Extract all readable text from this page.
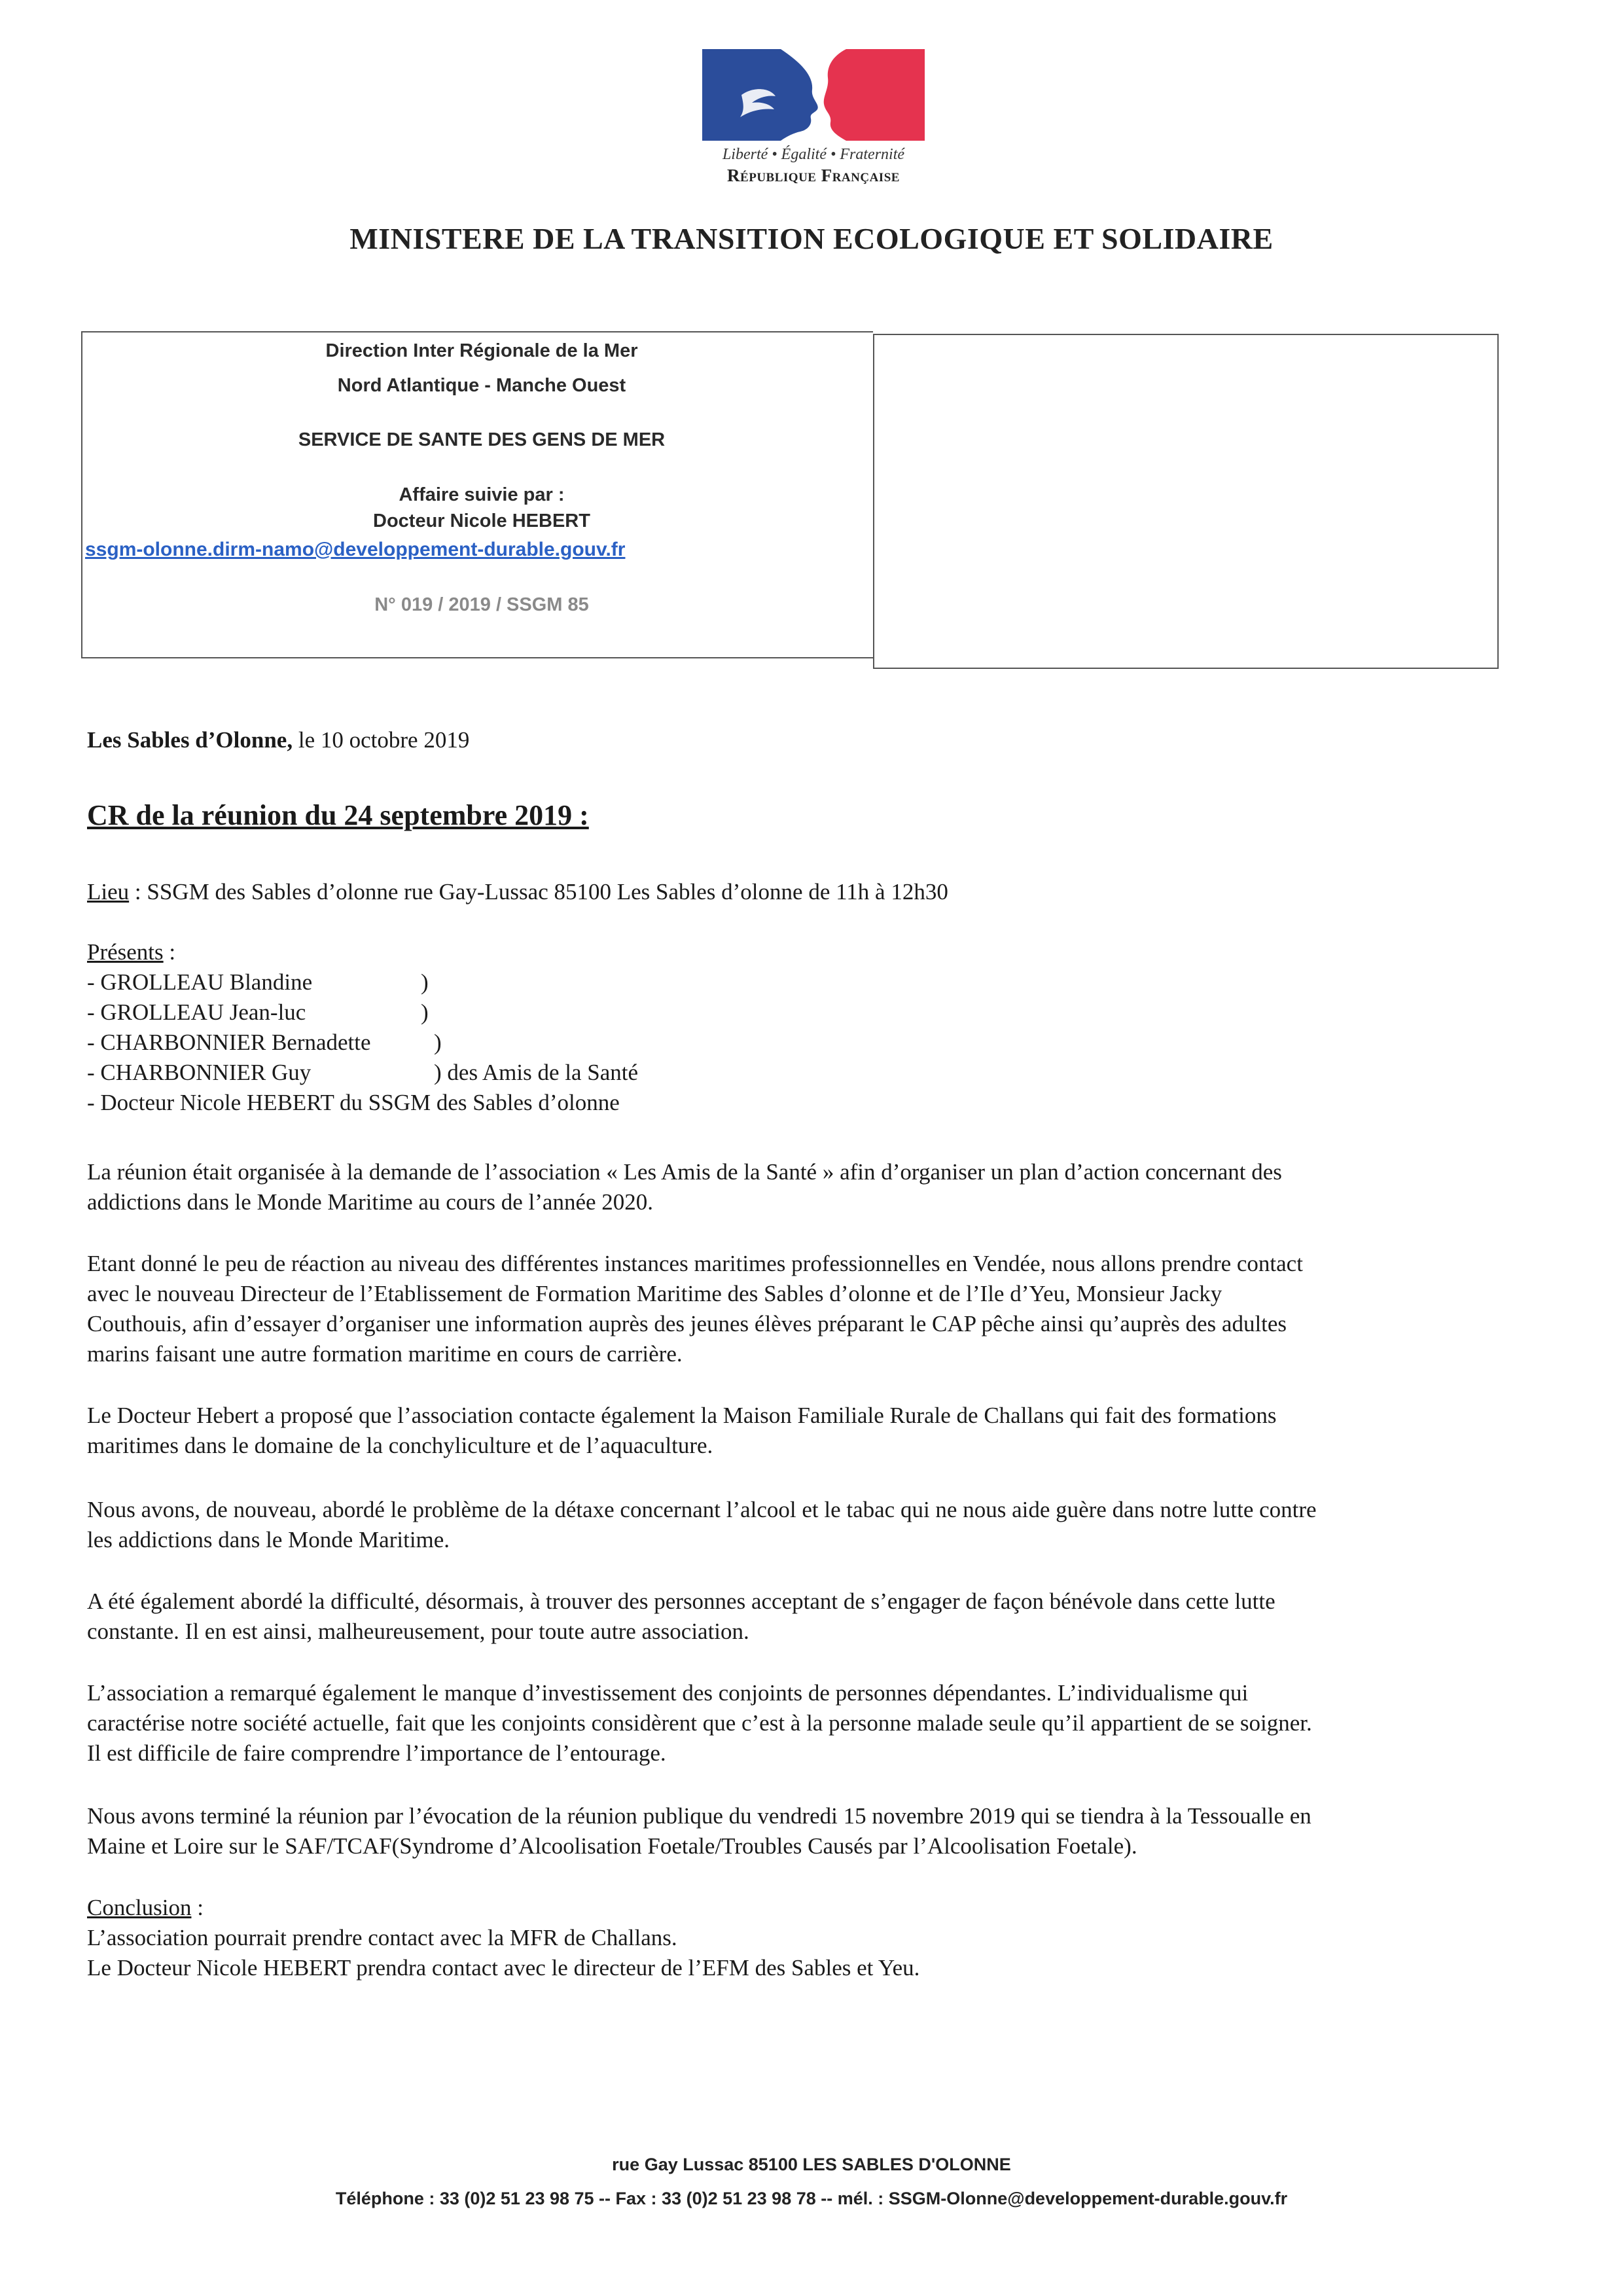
Liberté • Égalité • Fraternité
République Française
MINISTERE DE LA TRANSITION ECOLOGIQUE ET SOLIDAIRE
Direction Inter Régionale de la Mer
Nord Atlantique - Manche Ouest
SERVICE DE SANTE DES GENS DE MER
Affaire suivie par :
Docteur Nicole HEBERT
ssgm-olonne.dirm-namo@developpement-durable.gouv.fr
N° 019 / 2019 / SSGM 85
Les Sables d’Olonne, le 10 octobre 2019
CR de la réunion du 24 septembre 2019 :
Lieu : SSGM des Sables d’olonne rue Gay-Lussac 85100 Les Sables d’olonne de 11h à 12h30
Présents :
- GROLLEAU Blandine
- GROLLEAU Jean-luc
- CHARBONNIER Bernadette
- CHARBONNIER Guy
- Docteur Nicole HEBERT du SSGM des Sables d’olonne
)
)
)
) des Amis de la Santé
La réunion était organisée à la demande de l’association « Les Amis de la Santé » afin d’organiser un plan d’action concernant des
addictions dans le Monde Maritime au cours de l’année 2020.
Etant donné le peu de réaction au niveau des différentes instances maritimes professionnelles en Vendée, nous allons prendre contact
avec le nouveau Directeur de l’Etablissement de Formation Maritime des Sables d’olonne et de l’Ile d’Yeu, Monsieur Jacky
Couthouis, afin d’essayer d’organiser une information auprès des jeunes élèves préparant le CAP pêche ainsi qu’auprès des adultes
marins faisant une autre formation maritime en cours de carrière.
Le Docteur Hebert a proposé que l’association contacte également la Maison Familiale Rurale de Challans qui fait des formations
maritimes dans le domaine de la conchyliculture et de l’aquaculture.
Nous avons, de nouveau, abordé le problème de la détaxe concernant l’alcool et le tabac qui ne nous aide guère dans notre lutte contre
les addictions dans le Monde Maritime.
A été également abordé la difficulté, désormais, à trouver des personnes acceptant de s’engager de façon bénévole dans cette lutte
constante. Il en est ainsi, malheureusement, pour toute autre association.
L’association a remarqué également le manque d’investissement des conjoints de personnes dépendantes. L’individualisme qui
caractérise notre société actuelle, fait que les conjoints considèrent que c’est à la personne malade seule qu’il appartient de se soigner.
Il est difficile de faire comprendre l’importance de l’entourage.
Nous avons terminé la réunion par l’évocation de la réunion publique du vendredi 15 novembre 2019 qui se tiendra à la Tessoualle en
Maine et Loire sur le SAF/TCAF(Syndrome d’Alcoolisation Foetale/Troubles Causés par l’Alcoolisation Foetale).
Conclusion :
L’association pourrait prendre contact avec la MFR de Challans.
Le Docteur Nicole HEBERT prendra contact avec le directeur de l’EFM des Sables et Yeu.
rue Gay Lussac 85100 LES SABLES D'OLONNE
Téléphone : 33 (0)2 51 23 98 75 -- Fax : 33 (0)2 51 23 98 78 -- mél. : SSGM-Olonne@developpement-durable.gouv.fr
